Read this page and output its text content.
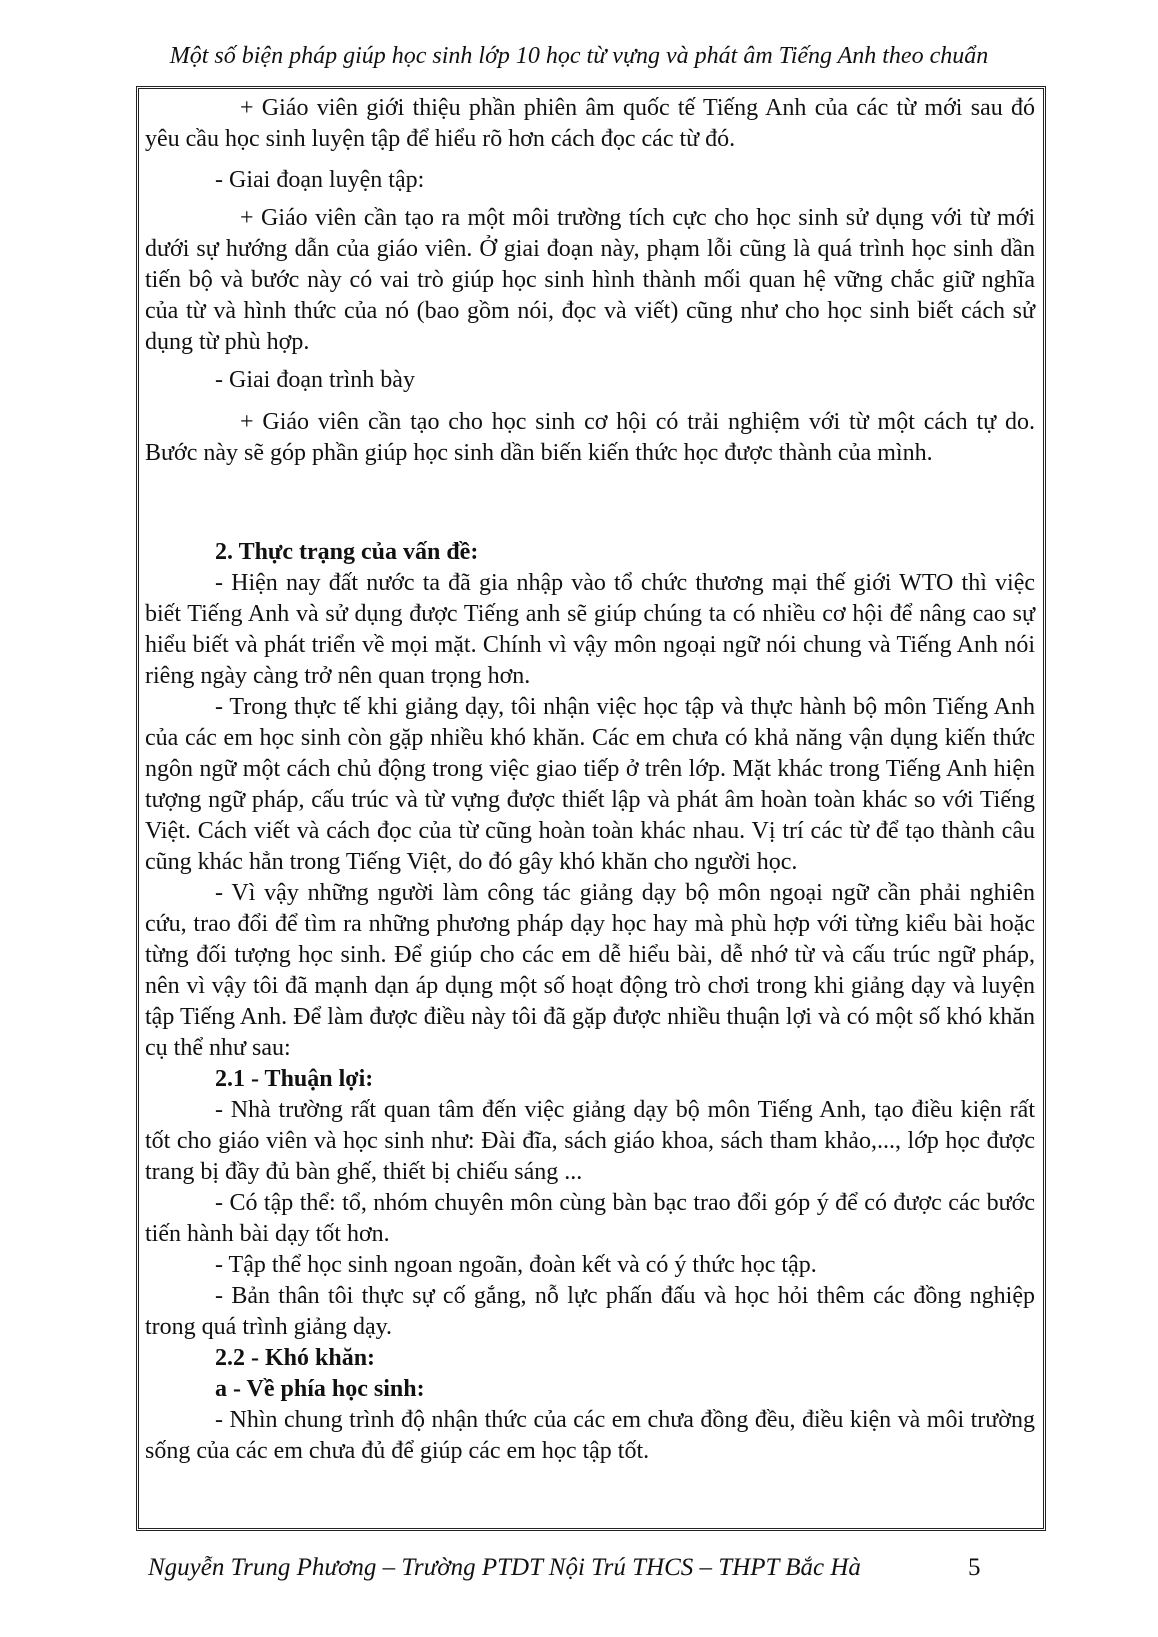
Một số biện pháp giúp học sinh lớp 10 học từ vựng và phát âm Tiếng Anh theo chuẩn

+ Giáo viên giới thiệu phần phiên âm quốc tế Tiếng Anh của các từ mới sau đó yêu cầu học sinh luyện tập để hiểu rõ hơn cách đọc các từ đó.

- Giai đoạn luyện tập:

+ Giáo viên cần tạo ra một môi trường tích cực cho học sinh sử dụng với từ mới dưới sự hướng dẫn của giáo viên. Ở giai đoạn này, phạm lỗi cũng là quá trình học sinh dần tiến bộ và bước này có vai trò giúp học sinh hình thành mối quan hệ vững chắc giữ nghĩa của từ và hình thức của nó (bao gồm nói, đọc và viết) cũng như cho học sinh biết cách sử dụng từ phù hợp.

- Giai đoạn trình bày

+ Giáo viên cần tạo cho học sinh cơ hội có trải nghiệm với từ một cách tự do. Bước này sẽ góp phần giúp học sinh dần biến kiến thức học được thành của mình.

2. Thực trạng của vấn đề:

- Hiện nay đất nước ta đã gia nhập vào tổ chức thương mại thế giới WTO thì việc biết Tiếng Anh và sử dụng được Tiếng anh sẽ giúp chúng ta có nhiều cơ hội để nâng cao sự hiểu biết và phát triển về mọi mặt. Chính vì vậy môn ngoại ngữ nói chung và Tiếng Anh nói riêng ngày càng trở nên quan trọng hơn.

- Trong thực tế khi giảng dạy, tôi nhận việc học tập và thực hành bộ môn Tiếng Anh của các em học sinh còn gặp nhiều khó khăn. Các em chưa có khả năng vận dụng kiến thức ngôn ngữ một cách chủ động trong việc giao tiếp ở trên lớp. Mặt khác trong Tiếng Anh hiện tượng ngữ pháp, cấu trúc và từ vựng được thiết lập và phát âm hoàn toàn khác so với Tiếng Việt. Cách viết và cách đọc của từ cũng hoàn toàn khác nhau. Vị trí các từ để tạo thành câu cũng khác hẳn trong Tiếng Việt, do đó gây khó khăn cho người học.

- Vì vậy những người làm công tác giảng dạy bộ môn ngoại ngữ cần phải nghiên cứu, trao đổi để tìm ra những phương pháp dạy học hay mà phù hợp với từng kiểu bài hoặc từng đối tượng học sinh. Để giúp cho các em dễ hiểu bài, dễ nhớ từ và cấu trúc ngữ pháp, nên vì vậy tôi đã mạnh dạn áp dụng một số hoạt động trò chơi trong khi giảng dạy và luyện tập Tiếng Anh. Để làm được điều này tôi đã gặp được nhiều thuận lợi và có một số khó khăn cụ thể như sau:

2.1 - Thuận lợi:

- Nhà trường rất quan tâm đến việc giảng dạy bộ môn Tiếng Anh, tạo điều kiện rất tốt cho giáo viên và học sinh như: Đài đĩa, sách giáo khoa, sách tham khảo,..., lớp học được trang bị đầy đủ bàn ghế, thiết bị chiếu sáng ...

- Có tập thể: tổ, nhóm chuyên môn cùng bàn bạc trao đổi góp ý để có được các bước tiến hành bài dạy tốt hơn.

- Tập thể học sinh ngoan ngoãn, đoàn kết và có ý thức học tập.

- Bản thân tôi thực sự cố gắng, nỗ lực phấn đấu và học hỏi thêm các đồng nghiệp trong quá trình giảng dạy.

2.2 - Khó khăn:

a - Về phía học sinh:

- Nhìn chung trình độ nhận thức của các em chưa đồng đều, điều kiện và môi trường sống của các em chưa đủ để giúp các em học tập tốt.

Nguyễn Trung Phương – Trường PTDT Nội Trú THCS – THPT Bắc Hà	5
